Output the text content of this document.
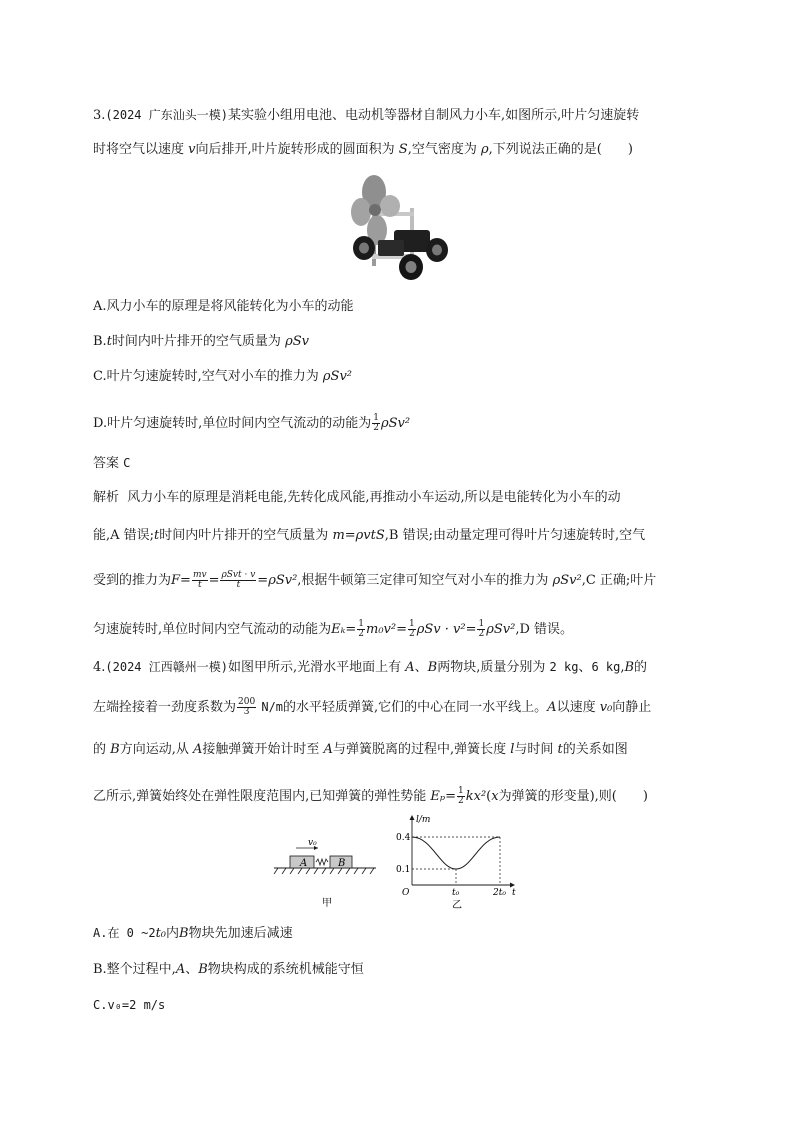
3.(2024 广东汕头一模)某实验小组用电池、电动机等器材自制风力小车,如图所示,叶片匀速旋转
时将空气以速度 v向后排开,叶片旋转形成的圆面积为 S,空气密度为 ρ,下列说法正确的是(　　)
A.风力小车的原理是将风能转化为小车的动能
B.t时间内叶片排开的空气质量为 ρSv
C.叶片匀速旋转时,空气对小车的推力为 ρSv²
D.叶片匀速旋转时,单位时间内空气流动的动能为 $\frac{1}{2} \rho Sv^2$
答案 C
解析 风力小车的原理是消耗电能,先转化成风能,再推动小车运动,所以是电能转化为小车的动
能,A 错误;t时间内叶片排开的空气质量为 m=ρvtS,B 错误;由动量定理可得叶片匀速旋转时,空气
受到的推力为$F= \frac{mv}{t} = \frac{\text{ρSvt · v}}{t} =\rho Sv^2$,根据牛顿第三定律可知空气对小车的推力为 ρSv²,C 正确;叶片
匀速旋转时,单位时间内空气流动的动能为$E_k= \frac{1}{2} m_0v^2= \frac{1}{2}$ $\rho Sv \cdot v^2= \frac{1}{2} \rho Sv^2,D$ 错误。
4.(2024 江西赣州一模)如图甲所示,光滑水平地面上有 A、B两物块,质量分别为 2 kg、6 kg,B的
左端拴接着一劲度系数为 $\frac{200}{3} N/m$的水平轻质弹簧,它们的中心在同一水平线上。A以速度 v₀向静止
的 B方向运动,从 A接触弹簧开始计时至 A与弹簧脱离的过程中,弹簧长度 l与时间 t的关系如图
乙所示,弹簧始终处在弹性限度范围内,已知弹簧的弹性势能 $E_p= \frac{1}{2} kx^2(x$为弹簧的形变量),则(　　)
A	B
v₀
甲
l/m
0.4
0.1
O	t₀	2t₀ t
乙
A.在 0 ~2t₀内B物块先加速后减速
B.整个过程中,A、B物块构成的系统机械能守恒
C.v₀=2 m/s
